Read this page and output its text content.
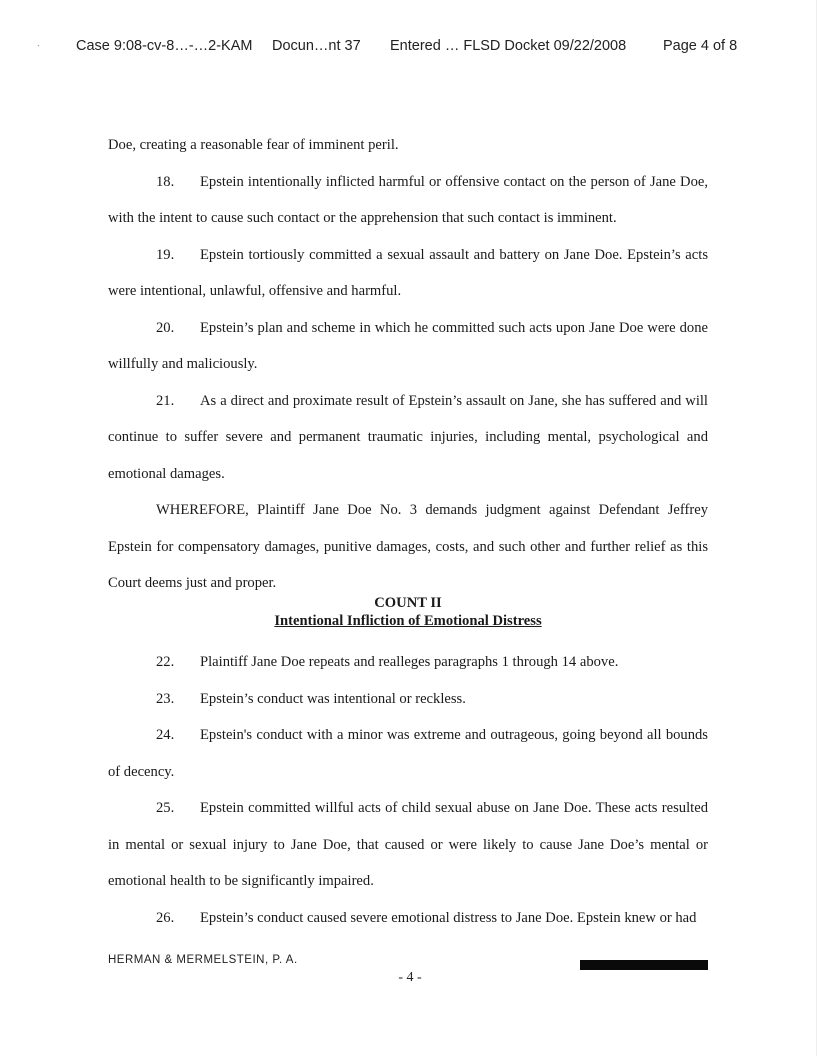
` Case 9:08-cv-8…-…2-KAM Docun…nt 37 Entered … FLSD Docket 09/22/2008	Page 4 of 8

Doe, creating a reasonable fear of imminent peril.

18. Epstein intentionally inflicted harmful or offensive contact on the person of Jane Doe, with the intent to cause such contact or the apprehension that such contact is imminent.

19. Epstein tortiously committed a sexual assault and battery on Jane Doe. Epstein’s acts were intentional, unlawful, offensive and harmful.

20. Epstein’s plan and scheme in which he committed such acts upon Jane Doe were done willfully and maliciously.

21. As a direct and proximate result of Epstein’s assault on Jane, she has suffered and will continue to suffer severe and permanent traumatic injuries, including mental, psychological and emotional damages.

WHEREFORE, Plaintiff Jane Doe No. 3 demands judgment against Defendant Jeffrey Epstein for compensatory damages, punitive damages, costs, and such other and further relief as this Court deems just and proper.

COUNT II
Intentional Infliction of Emotional Distress

22. Plaintiff Jane Doe repeats and realleges paragraphs 1 through 14 above.

23. Epstein’s conduct was intentional or reckless.

24. Epstein's conduct with a minor was extreme and outrageous, going beyond all bounds of decency.

25. Epstein committed willful acts of child sexual abuse on Jane Doe. These acts resulted in mental or sexual injury to Jane Doe, that caused or were likely to cause Jane Doe’s mental or emotional health to be significantly impaired.

26. Epstein’s conduct caused severe emotional distress to Jane Doe. Epstein knew or had

HERMAN & MERMELSTEIN, P. A.
- 4 -
